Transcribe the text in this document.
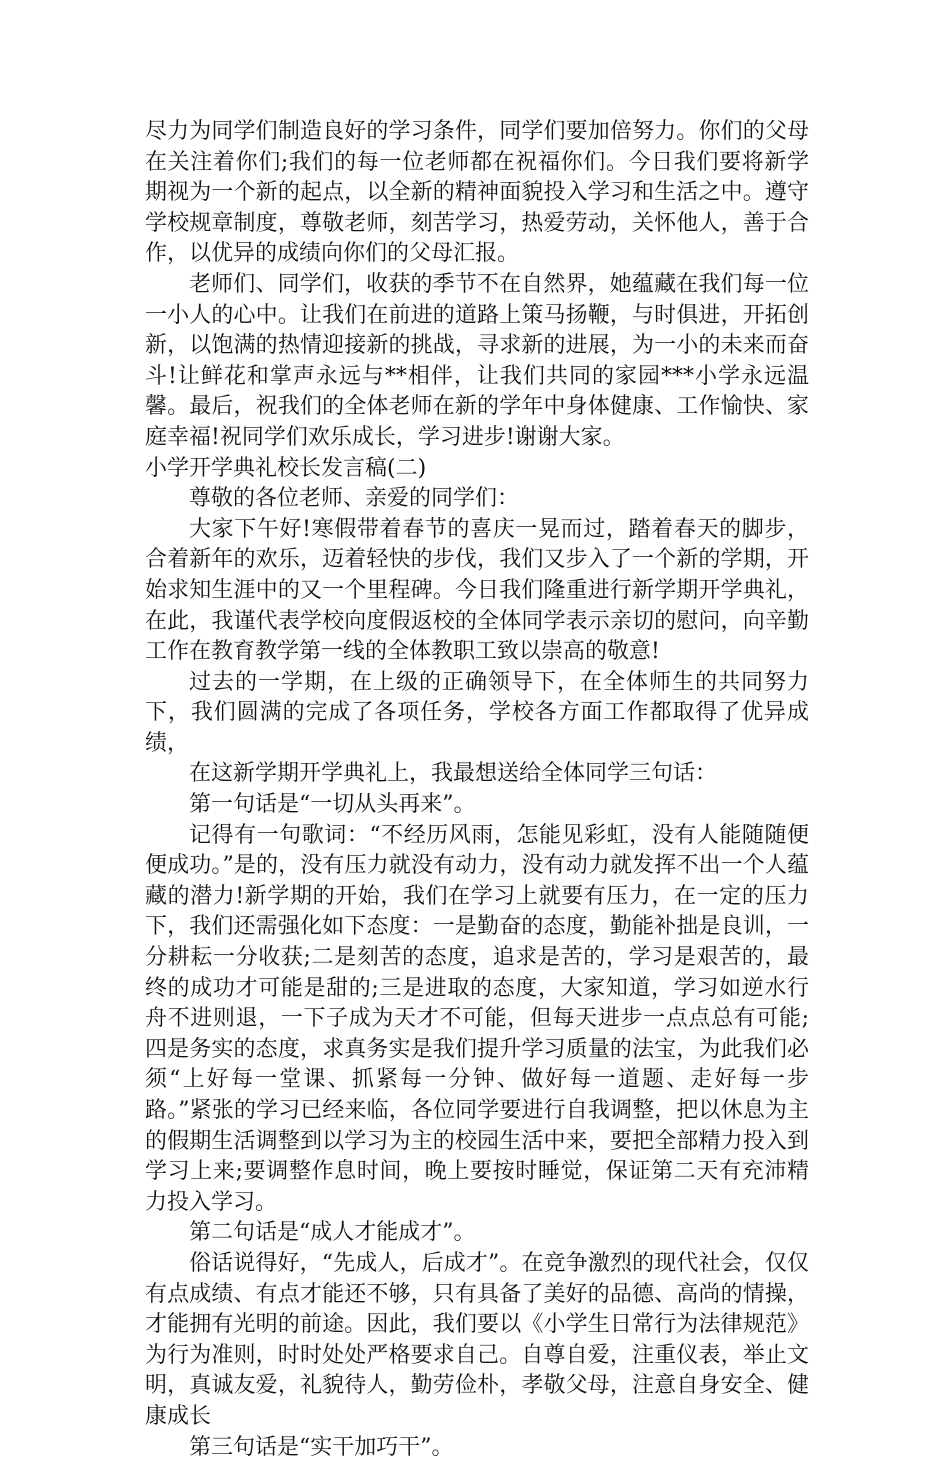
尽力为同学们制造良好的学习条件，同学们要加倍努力。你们的父母在关注着你们;我们的每一位老师都在祝福你们。今日我们要将新学期视为一个新的起点，以全新的精神面貌投入学习和生活之中。遵守学校规章制度，尊敬老师，刻苦学习，热爱劳动，关怀他人，善于合作，以优异的成绩向你们的父母汇报。

老师们、同学们，收获的季节不在自然界，她蕴藏在我们每一位一小人的心中。让我们在前进的道路上策马扬鞭，与时俱进，开拓创新，以饱满的热情迎接新的挑战，寻求新的进展，为一小的未来而奋斗!让鲜花和掌声永远与**相伴，让我们共同的家园***小学永远温馨。最后，祝我们的全体老师在新的学年中身体健康、工作愉快、家庭幸福!祝同学们欢乐成长，学习进步!谢谢大家。

小学开学典礼校长发言稿(二)

尊敬的各位老师、亲爱的同学们：

大家下午好!寒假带着春节的喜庆一晃而过，踏着春天的脚步，合着新年的欢乐，迈着轻快的步伐，我们又步入了一个新的学期，开始求知生涯中的又一个里程碑。今日我们隆重进行新学期开学典礼，在此，我谨代表学校向度假返校的全体同学表示亲切的慰问，向辛勤工作在教育教学第一线的全体教职工致以崇高的敬意!

过去的一学期，在上级的正确领导下，在全体师生的共同努力下，我们圆满的完成了各项任务，学校各方面工作都取得了优异成绩，

在这新学期开学典礼上，我最想送给全体同学三句话：

第一句话是“一切从头再来”。

记得有一句歌词：“不经历风雨，怎能见彩虹，没有人能随随便便成功。”是的，没有压力就没有动力，没有动力就发挥不出一个人蕴藏的潜力!新学期的开始，我们在学习上就要有压力，在一定的压力下，我们还需强化如下态度：一是勤奋的态度，勤能补拙是良训，一分耕耘一分收获;二是刻苦的态度，追求是苦的，学习是艰苦的，最终的成功才可能是甜的;三是进取的态度，大家知道，学习如逆水行舟不进则退，一下子成为天才不可能，但每天进步一点点总有可能;四是务实的态度，求真务实是我们提升学习质量的法宝，为此我们必须“上好每一堂课、抓紧每一分钟、做好每一道题、走好每一步路。”紧张的学习已经来临，各位同学要进行自我调整，把以休息为主的假期生活调整到以学习为主的校园生活中来，要把全部精力投入到学习上来;要调整作息时间，晚上要按时睡觉，保证第二天有充沛精力投入学习。

第二句话是“成人才能成才”。

俗话说得好，“先成人，后成才”。在竞争激烈的现代社会，仅仅有点成绩、有点才能还不够，只有具备了美好的品德、高尚的情操，才能拥有光明的前途。因此，我们要以《小学生日常行为法律规范》为行为准则，时时处处严格要求自己。自尊自爱，注重仪表，举止文明，真诚友爱，礼貌待人，勤劳俭朴，孝敬父母，注意自身安全、健康成长

第三句话是“实干加巧干”。
